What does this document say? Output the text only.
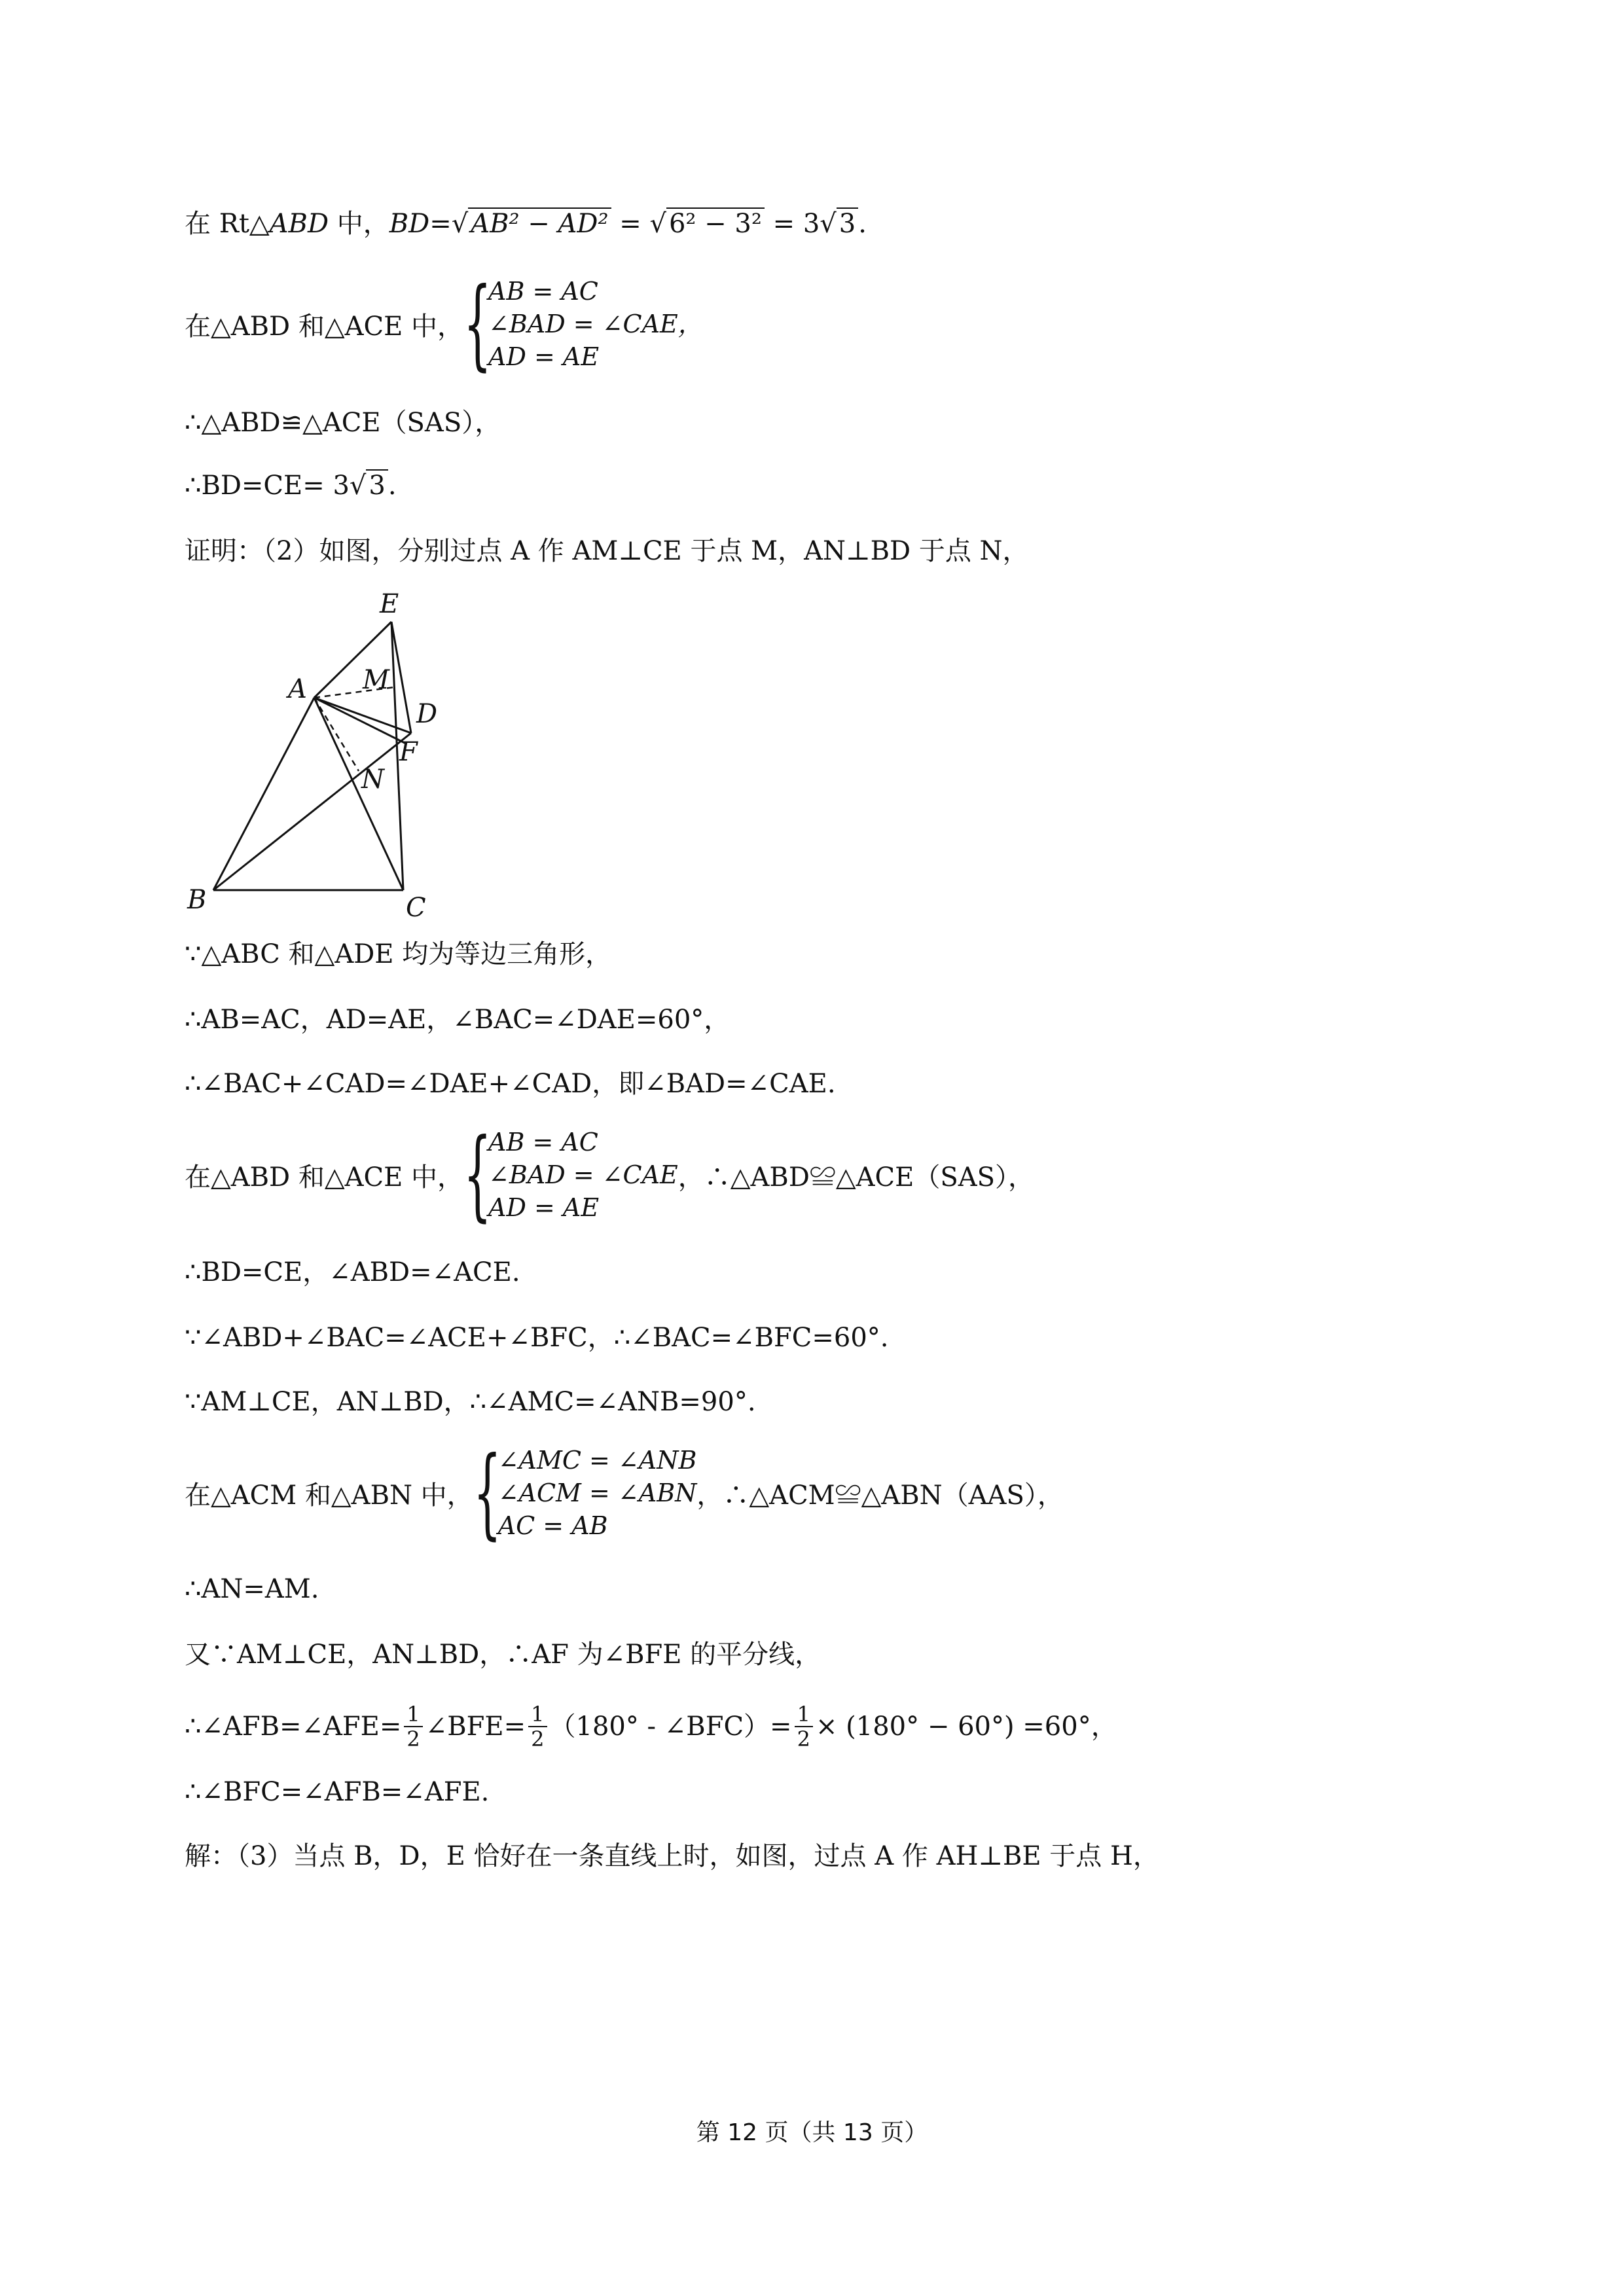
在 Rt△ABD 中，BD=√ AB² − AD² = √ 6² − 3² = 3√ 3 .
在△ABD 和△ACE 中， {
AB = AC
∠BAD = ∠CAE，
AD = AE
∴△ABD≌△ACE（SAS），
∴BD=CE= 3√ 3 .
证明：（2）如图，分别过点 A 作 AM⊥CE 于点 M，AN⊥BD 于点 N，
E
A M
D
F
N
B	C
∵△ABC 和△ADE 均为等边三角形，
∴AB=AC，AD=AE，∠BAC=∠DAE=60°，
∴∠BAC+∠CAD=∠DAE+∠CAD，即∠BAD=∠CAE.
在△ABD 和△ACE 中， {
AB = AC
∠BAD = ∠CAE
AD = AE
，∴△ABD≌△ACE（SAS），
∴BD=CE，∠ABD=∠ACE.
∵∠ABD+∠BAC=∠ACE+∠BFC，∴∠BAC=∠BFC=60°.
∵AM⊥CE，AN⊥BD，∴∠AMC=∠ANB=90°.
在△ACM 和△ABN 中， {
∠AMC = ∠ANB
∠ACM = ∠ABN
AC = AB
，∴△ACM≌△ABN（AAS），
∴AN=AM.
又∵AM⊥CE，AN⊥BD，∴AF 为∠BFE 的平分线，
∴∠AFB=∠AFE= $\frac{1}{2}$ ∠BFE= $\frac{1}{2} (180^\circ$ - ∠BFC）= $\frac{1}{2} \times (180^\circ - 60^\circ) =60^\circ$，
∴∠BFC=∠AFB=∠AFE.
解：（3）当点 B，D，E 恰好在一条直线上时，如图，过点 A 作 AH⊥BE 于点 H，
第 12 页（共 13 页）
